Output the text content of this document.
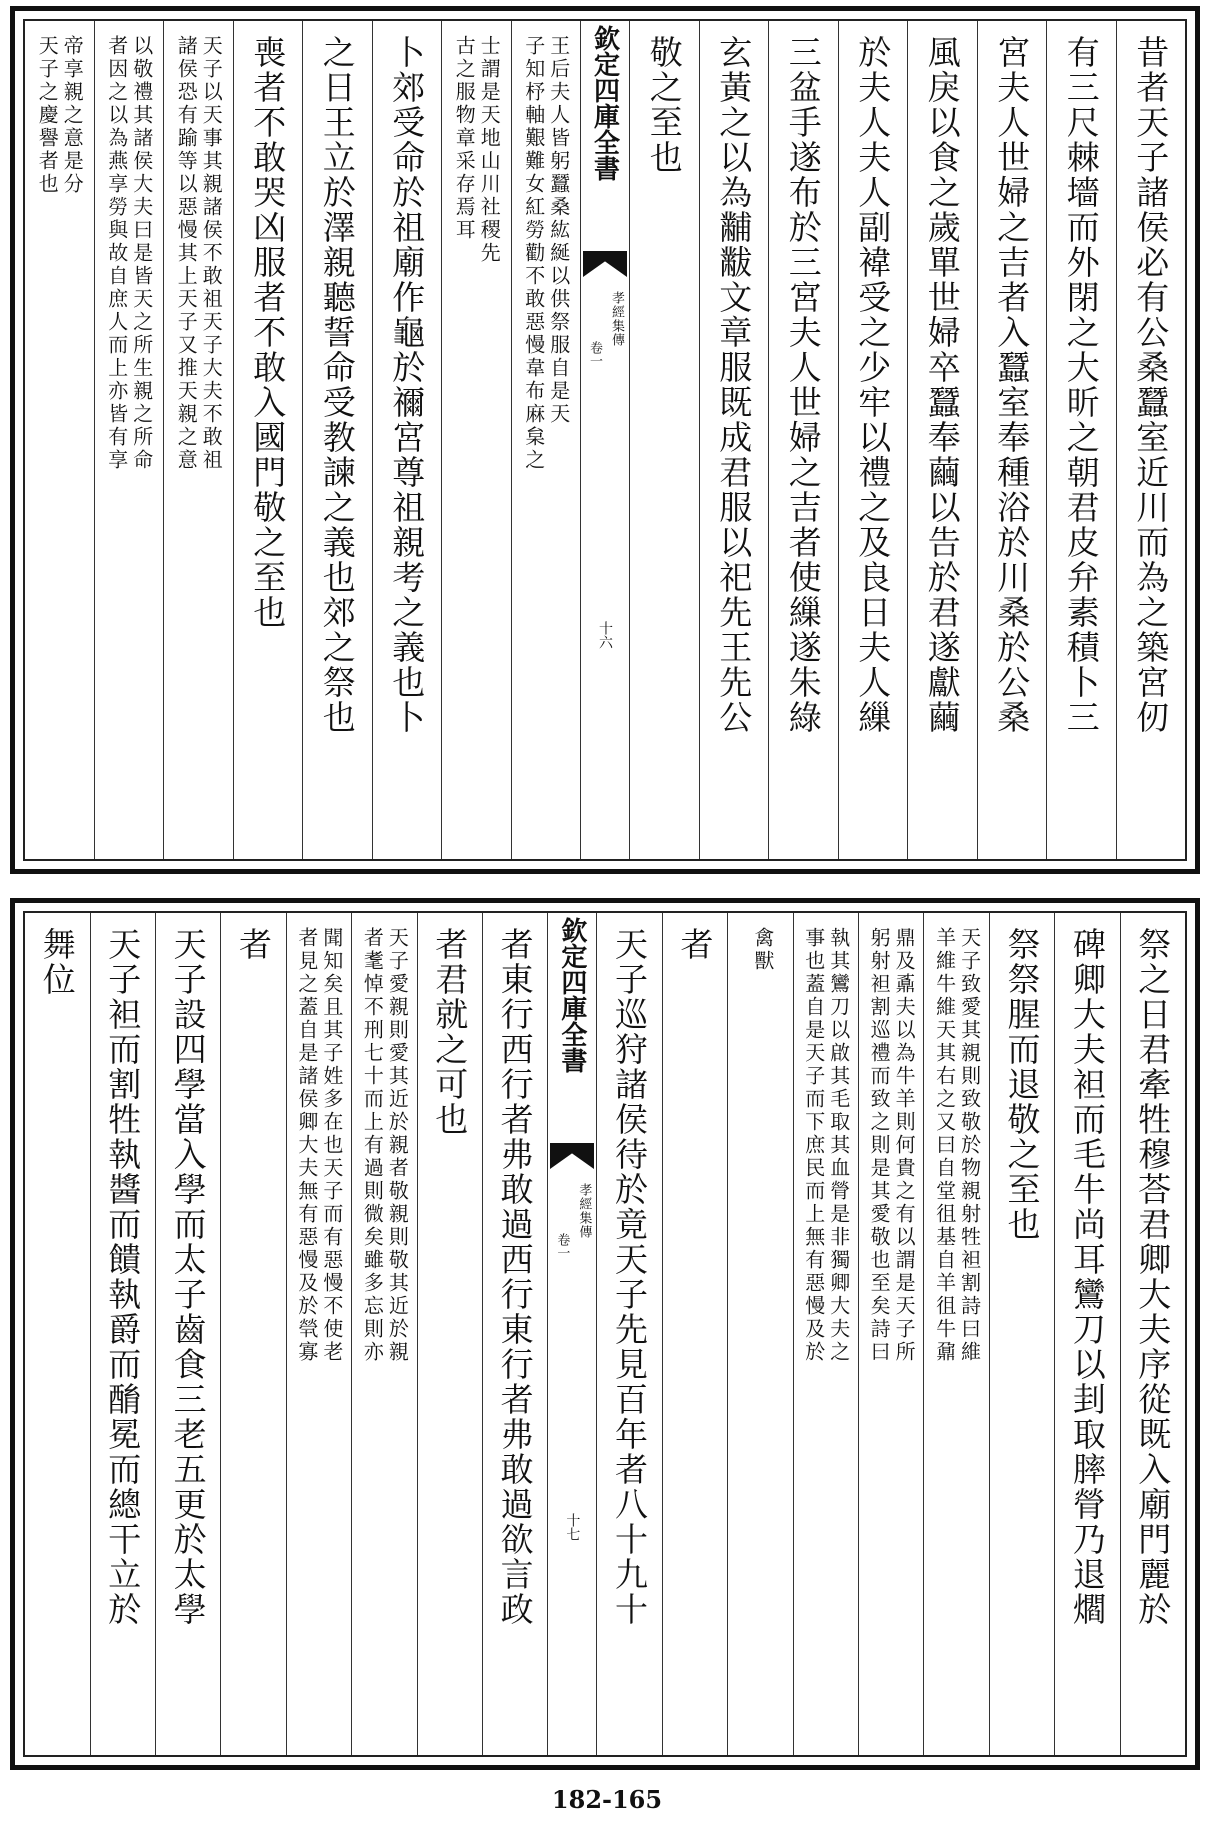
昔者天子諸侯必有公桑蠶室近川而為之築宮仞
有三尺棘墻而外閉之大昕之朝君皮弁素積卜三
宮夫人世婦之吉者入蠶室奉種浴於川桑於公桑
風戾以食之歲單世婦卒蠶奉繭以告於君遂獻繭
於夫人夫人副褘受之少牢以禮之及良日夫人繅
三盆手遂布於三宮夫人世婦之吉者使繅遂朱綠
玄黃之以為黼黻文章服既成君服以祀先王先公
敬之至也
欽定四庫全書
孝經集傳
卷一
十六
王后夫人皆躬蠶桑紘綖以供祭服自是天
子知杼軸艱難女紅勞勸不敢惡慢韋布麻枲之
士謂是天地山川社稷先
古之服物章采存焉耳
卜郊受命於祖廟作龜於禰宮尊祖親考之義也卜
之日王立於澤親聽誓命受教諫之義也郊之祭也
喪者不敢哭凶服者不敢入國門敬之至也
天子以天事其親諸侯不敢祖天子大夫不敢祖
諸侯恐有踰等以惡慢其上天子又推天親之意
以敬禮其諸侯大夫曰是皆天之所生親之所命
者因之以為燕享勞與故自庶人而上亦皆有享
帝享親之意是分
天子之慶譽者也
祭之日君牽牲穆荅君卿大夫序從既入廟門麗於
碑卿大夫袒而毛牛尚耳鸞刀以刲取膟膋乃退爓
祭祭腥而退敬之至也
天子致愛其親則致敬於物親射牲袒割詩曰維
羊維牛維天其右之又曰自堂徂基自羊徂牛鼐
鼎及鼒夫以為牛羊則何貴之有以謂是天子所
躬射袒割巡禮而致之則是其愛敬也至矣詩曰
執其鸞刀以啟其毛取其血膋是非獨卿大夫之
事也蓋自是天子而下庶民而上無有惡慢及於
禽獸
者
天子巡狩諸侯待於竟天子先見百年者八十九十
欽定四庫全書
孝經集傳
卷一
十七
者東行西行者弗敢過西行東行者弗敢過欲言政
者君就之可也
天子愛親則愛其近於親者敬親則敬其近於親
者耄悼不刑七十而上有過則微矣雖多忘則亦
聞知矣且其子姓多在也天子而有惡慢不使老
者見之蓋自是諸侯卿大夫無有惡慢及於煢寡
者
天子設四學當入學而太子齒食三老五更於太學
天子袒而割牲執醬而饋執爵而酳冕而總干立於
舞位
182-165
